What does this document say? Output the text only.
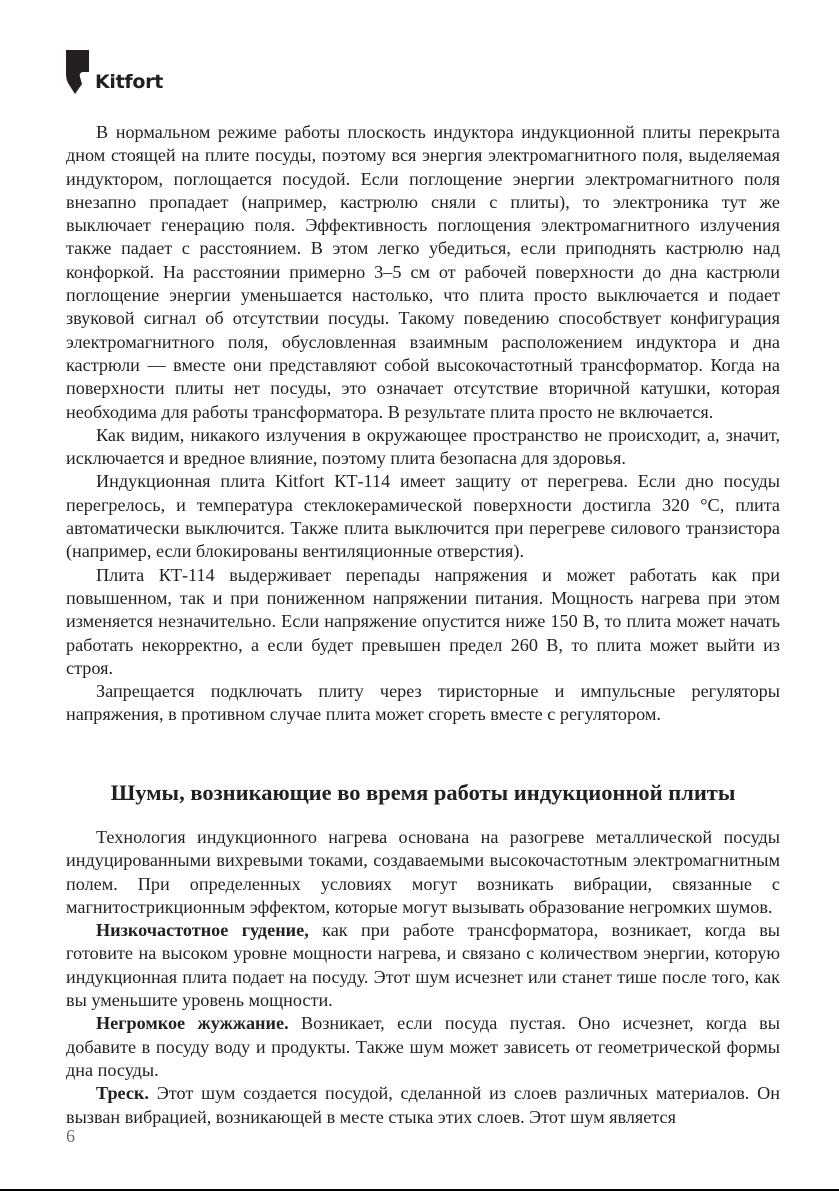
Kitfort

В нормальном режиме работы плоскость индуктора индукционной плиты перекрыта дном стоящей на плите посуды, поэтому вся энергия электромагнитного поля, выделяемая индуктором, поглощается посудой. Если поглощение энергии электромагнитного поля внезапно пропадает (например, кастрюлю сняли с плиты), то электроника тут же выключает генерацию поля. Эффективность поглощения электромагнитного излучения также падает с расстоянием. В этом легко убедиться, если приподнять кастрюлю над конфоркой. На расстоянии примерно 3–5 см от рабочей поверхности до дна кастрюли поглощение энергии уменьшается настолько, что плита просто выключается и подает звуковой сигнал об отсутствии посуды. Такому поведению способствует конфигурация электромагнитного поля, обусловленная взаимным расположением индуктора и дна кастрюли — вместе они представляют собой высокочастотный трансформатор. Когда на поверхности плиты нет посуды, это означает отсутствие вторичной катушки, которая необходима для работы трансформатора. В результате плита просто не включается.

Как видим, никакого излучения в окружающее пространство не происходит, а, значит, исключается и вредное влияние, поэтому плита безопасна для здоровья.

Индукционная плита Kitfort КТ-114 имеет защиту от перегрева. Если дно посуды перегрелось, и температура стеклокерамической поверхности достигла 320 °С, плита автоматически выключится. Также плита выключится при перегреве силового транзистора (например, если блокированы вентиляционные отверстия).

Плита КТ-114 выдерживает перепады напряжения и может работать как при повышенном, так и при пониженном напряжении питания. Мощность нагрева при этом изменяется незначительно. Если напряжение опустится ниже 150 В, то плита может начать работать некорректно, а если будет превышен предел 260 В, то плита может выйти из строя.

Запрещается подключать плиту через тиристорные и импульсные регуляторы напряжения, в противном случае плита может сгореть вместе с регулятором.

Шумы, возникающие во время работы индукционной плиты

Технология индукционного нагрева основана на разогреве металлической посуды индуцированными вихревыми токами, создаваемыми высокочастотным электромагнитным полем. При определенных условиях могут возникать вибрации, связанные с магнитострикционным эффектом, которые могут вызывать образование негромких шумов.

Низкочастотное гудение, как при работе трансформатора, возникает, когда вы готовите на высоком уровне мощности нагрева, и связано с количеством энергии, которую индукционная плита подает на посуду. Этот шум исчезнет или станет тише после того, как вы уменьшите уровень мощности.

Негромкое жужжание. Возникает, если посуда пустая. Оно исчезнет, когда вы добавите в посуду воду и продукты. Также шум может зависеть от геометрической формы дна посуды.

Треск. Этот шум создается посудой, сделанной из слоев различных материалов. Он вызван вибрацией, возникающей в месте стыка этих слоев. Этот шум является

6
